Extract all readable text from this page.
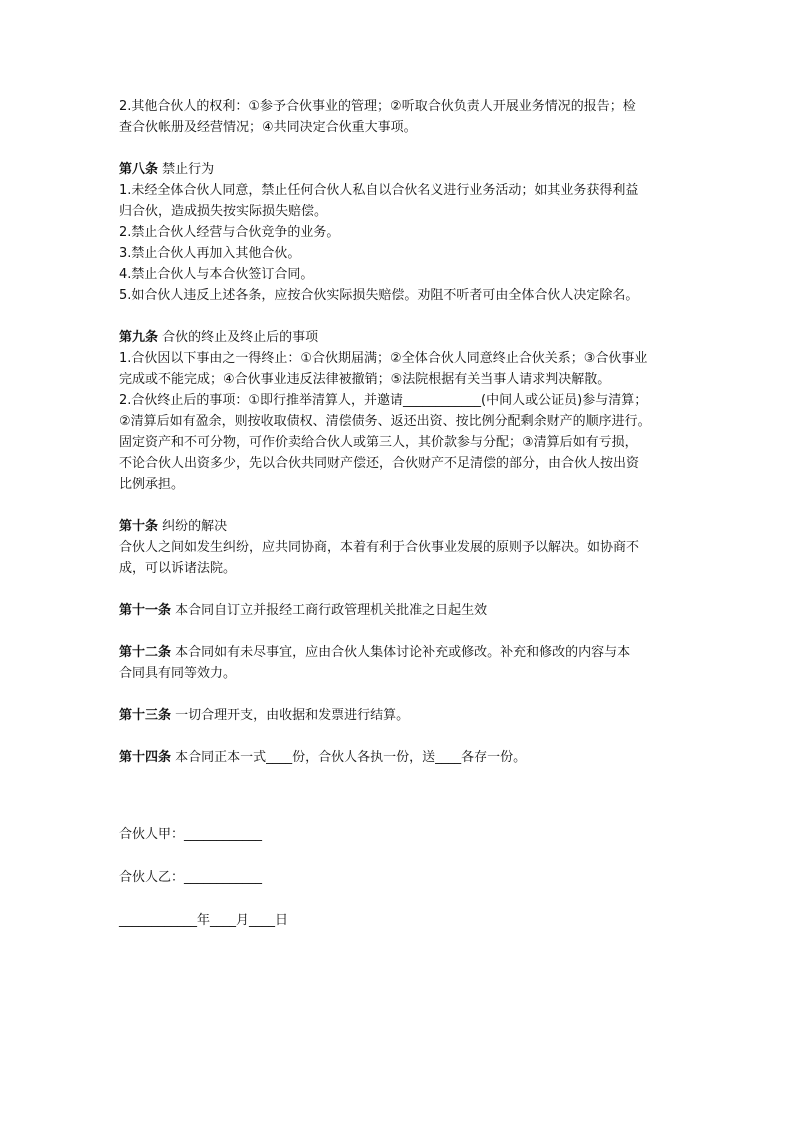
2.其他合伙人的权利：①参予合伙事业的管理；②听取合伙负责人开展业务情况的报告；检
查合伙帐册及经营情况；④共同决定合伙重大事项。

第八条 禁止行为
1.未经全体合伙人同意，禁止任何合伙人私自以合伙名义进行业务活动；如其业务获得利益
归合伙，造成损失按实际损失赔偿。
2.禁止合伙人经营与合伙竞争的业务。
3.禁止合伙人再加入其他合伙。
4.禁止合伙人与本合伙签订合同。
5.如合伙人违反上述各条，应按合伙实际损失赔偿。劝阻不听者可由全体合伙人决定除名。

第九条 合伙的终止及终止后的事项
1.合伙因以下事由之一得终止：①合伙期届满；②全体合伙人同意终止合伙关系；③合伙事业
完成或不能完成；④合伙事业违反法律被撤销；⑤法院根据有关当事人请求判决解散。
2.合伙终止后的事项：①即行推举清算人，并邀请____________(中间人或公证员)参与清算；
②清算后如有盈余，则按收取债权、清偿债务、返还出资、按比例分配剩余财产的顺序进行。
固定资产和不可分物，可作价卖给合伙人或第三人，其价款参与分配；③清算后如有亏损，
不论合伙人出资多少，先以合伙共同财产偿还，合伙财产不足清偿的部分，由合伙人按出资
比例承担。

第十条 纠纷的解决
合伙人之间如发生纠纷，应共同协商，本着有利于合伙事业发展的原则予以解决。如协商不
成，可以诉诸法院。

第十一条 本合同自订立并报经工商行政管理机关批准之日起生效

第十二条 本合同如有未尽事宜，应由合伙人集体讨论补充或修改。补充和修改的内容与本
合同具有同等效力。

第十三条 一切合理开支，由收据和发票进行结算。

第十四条 本合同正本一式____份，合伙人各执一份，送____各存一份。

合伙人甲：____________

合伙人乙：____________

____________年____月____日
